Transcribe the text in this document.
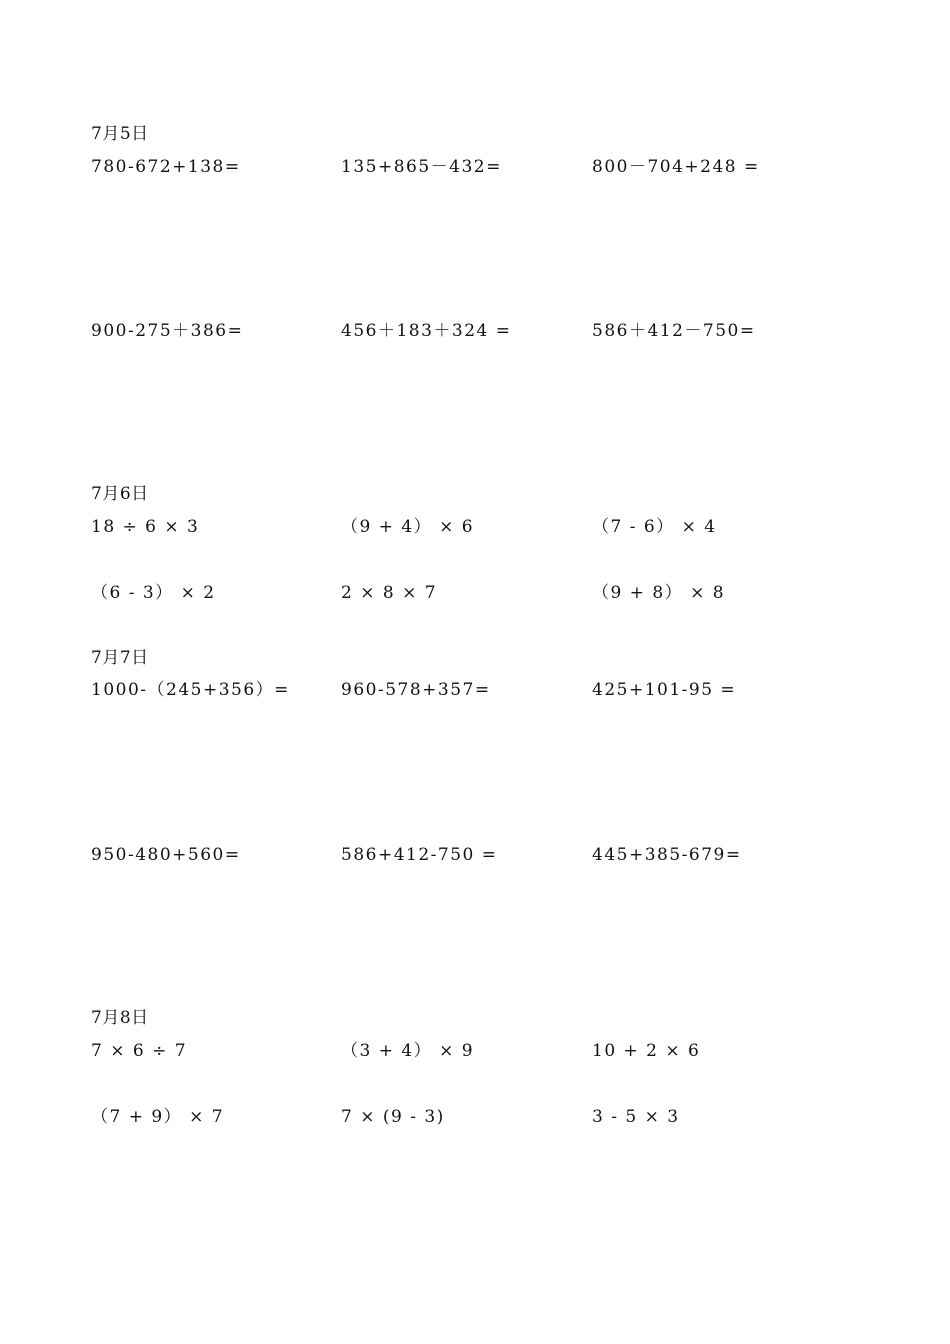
7月5日
780-672+138=	135+865－432=	800－704+248 =
900-275＋386=	456＋183＋324 =	586＋412－750=
7月6日
18 ÷ 6 × 3	（9 + 4） × 6	（7 - 6） × 4
（6 - 3） × 2	2 × 8 × 7	（9 + 8） × 8
7月7日
1000-（245+356）=	960-578+357=	425+101-95 =
950-480+560=	586+412-750 =	445+385-679=
7月8日
7 × 6 ÷ 7	（3 + 4） × 9	10 + 2 × 6
（7 + 9） × 7	7 × (9 - 3)	3 - 5 × 3
